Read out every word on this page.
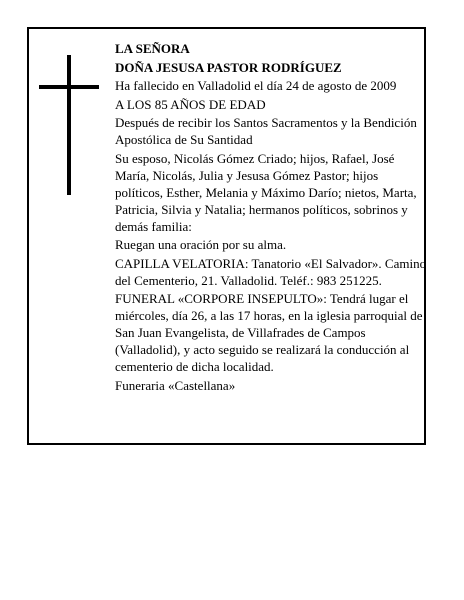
LA SEÑORA

DOÑA JESUSA PASTOR RODRÍGUEZ

Ha fallecido en Valladolid el día 24 de agosto de 2009

A LOS 85 AÑOS DE EDAD

Después de recibir los Santos Sacramentos y la Bendición Apostólica de Su Santidad

Su esposo, Nicolás Gómez Criado; hijos, Rafael, José María, Nicolás, Julia y Jesusa Gómez Pastor; hijos políticos, Esther, Melania y Máximo Darío; nietos, Marta, Patricia, Silvia y Natalia; hermanos políticos, sobrinos y demás familia:

Ruegan una oración por su alma.

CAPILLA VELATORIA: Tanatorio «El Salvador». Camino del Cementerio, 21. Valladolid. Teléf.: 983 251225.

FUNERAL «CORPORE INSEPULTO»: Tendrá lugar el miércoles, día 26, a las 17 horas, en la iglesia parroquial de San Juan Evangelista, de Villafrades de Campos (Valladolid), y acto seguido se realizará la conducción al cementerio de dicha localidad.

Funeraria «Castellana»
